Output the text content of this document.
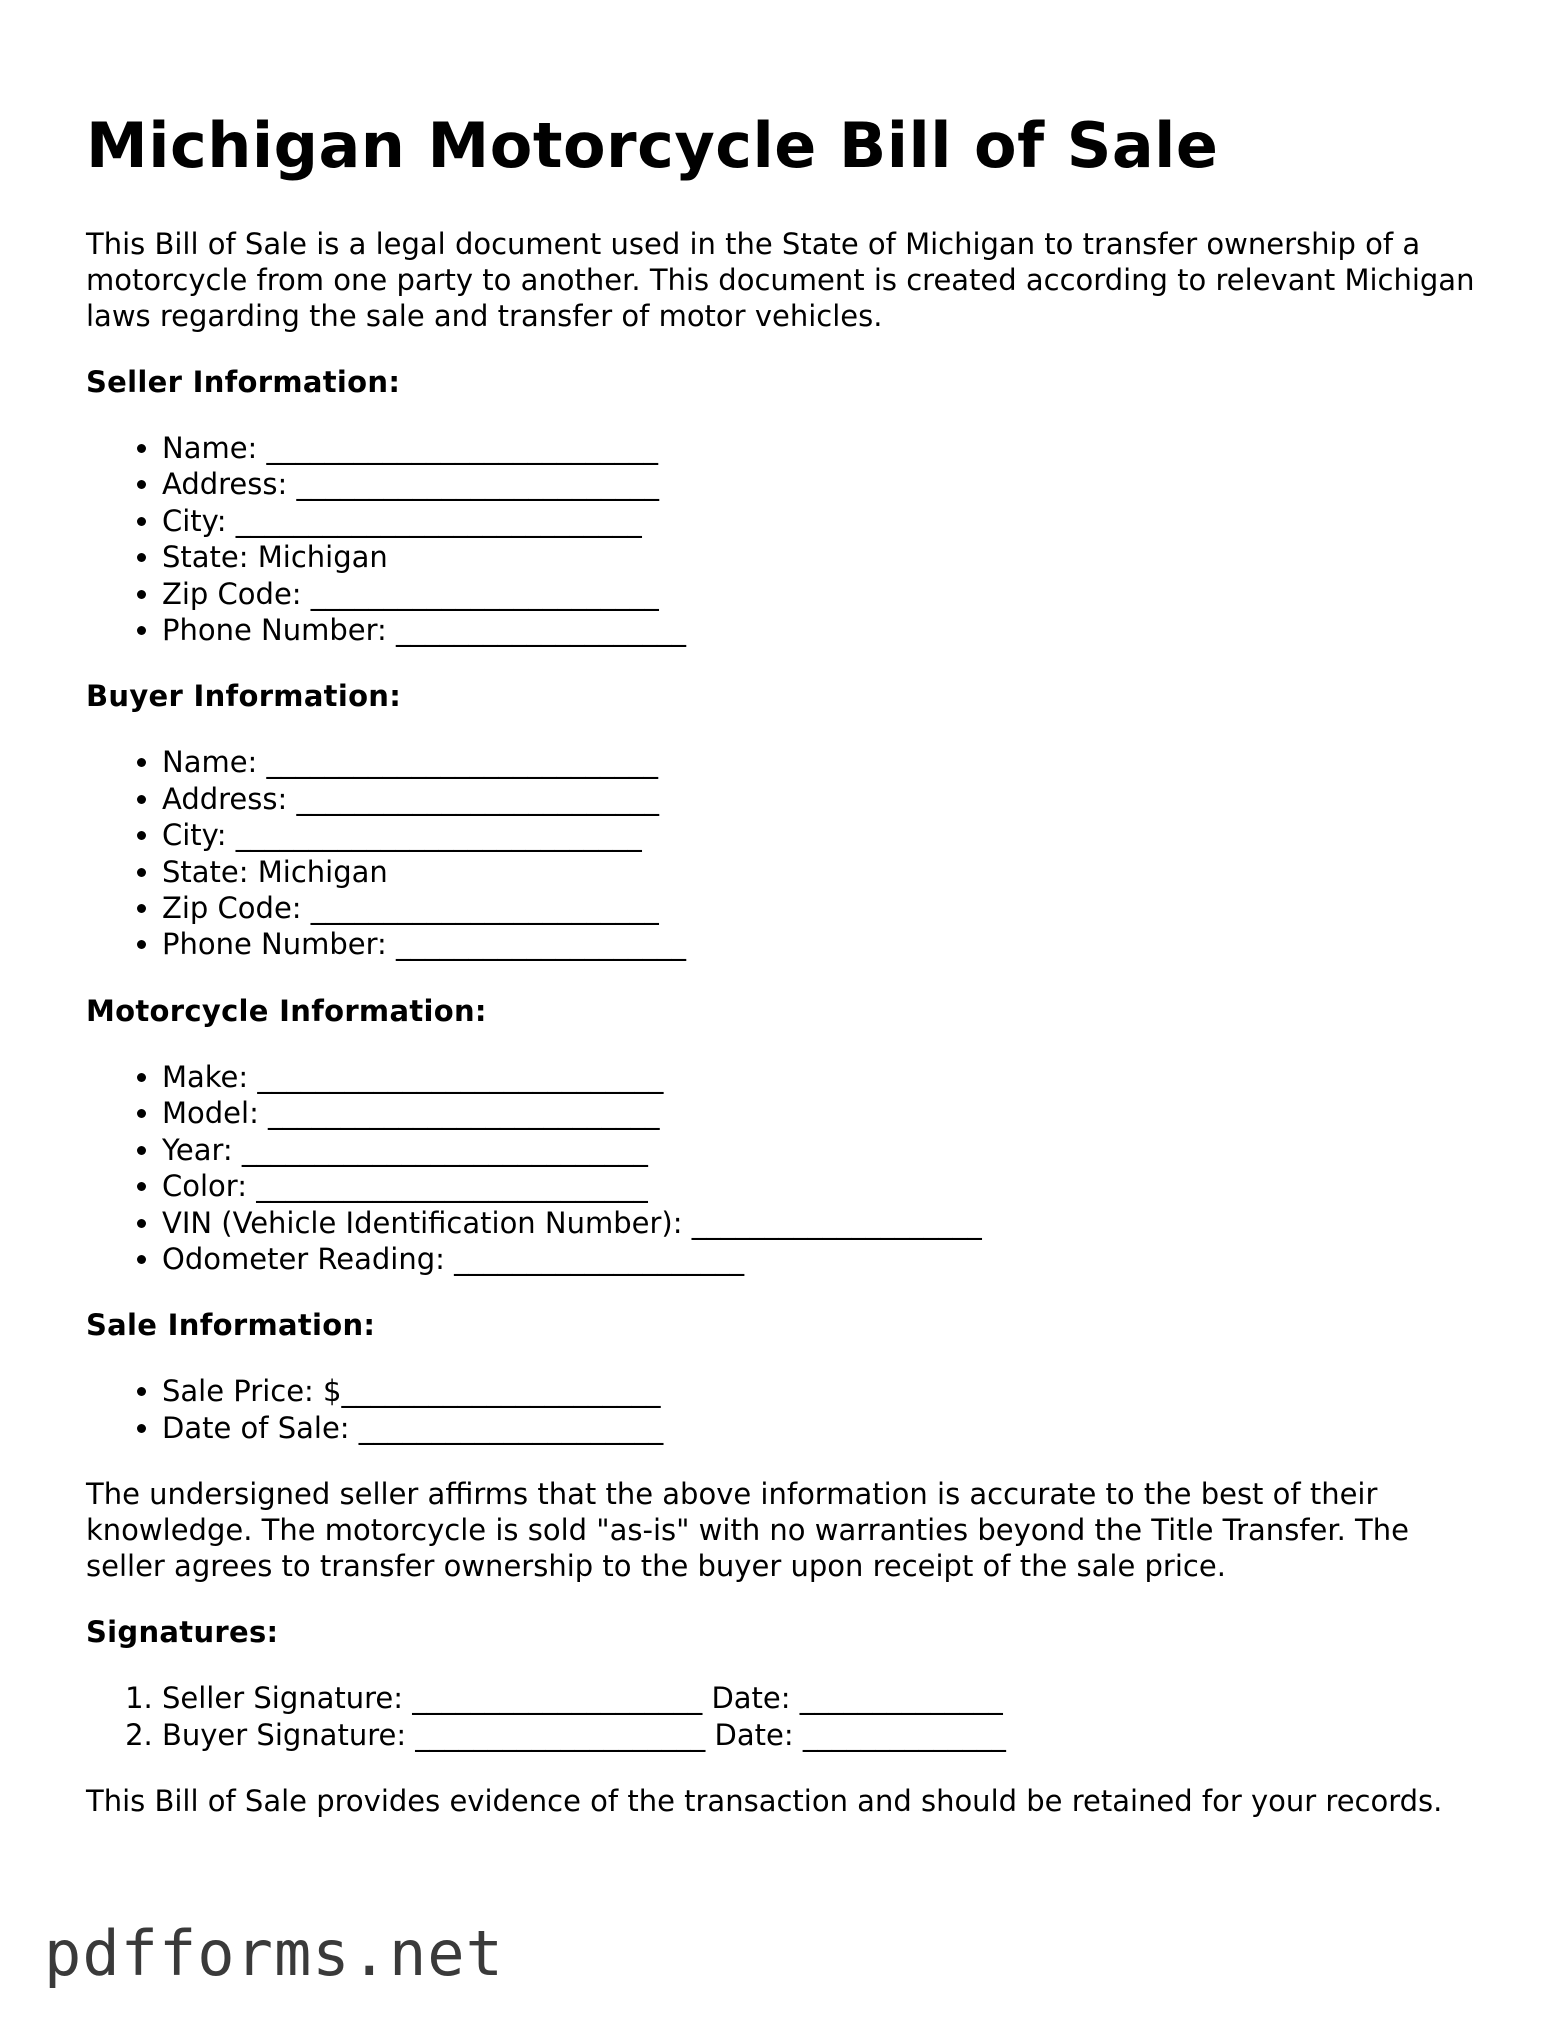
Michigan Motorcycle Bill of Sale

This Bill of Sale is a legal document used in the State of Michigan to transfer ownership of a motorcycle from one party to another. This document is created according to relevant Michigan laws regarding the sale and transfer of motor vehicles.

Seller Information:
• Name: ___________________________
• Address: _________________________
• City: ____________________________
• State: Michigan
• Zip Code: ________________________
• Phone Number: ____________________
Buyer Information:
• Name: ___________________________
• Address: _________________________
• City: ____________________________
• State: Michigan
• Zip Code: ________________________
• Phone Number: ____________________
Motorcycle Information:
• Make: ____________________________
• Model: ___________________________
• Year: ____________________________
• Color: ___________________________
• VIN (Vehicle Identification Number): ____________________
• Odometer Reading: ____________________
Sale Information:
• Sale Price: $______________________
• Date of Sale: _____________________

The undersigned seller affirms that the above information is accurate to the best of their knowledge. The motorcycle is sold "as-is" with no warranties beyond the Title Transfer. The seller agrees to transfer ownership to the buyer upon receipt of the sale price.

Signatures:
1. Seller Signature: ____________________ Date: ______________
2. Buyer Signature: ____________________ Date: ______________

This Bill of Sale provides evidence of the transaction and should be retained for your records.

pdfforms.net
